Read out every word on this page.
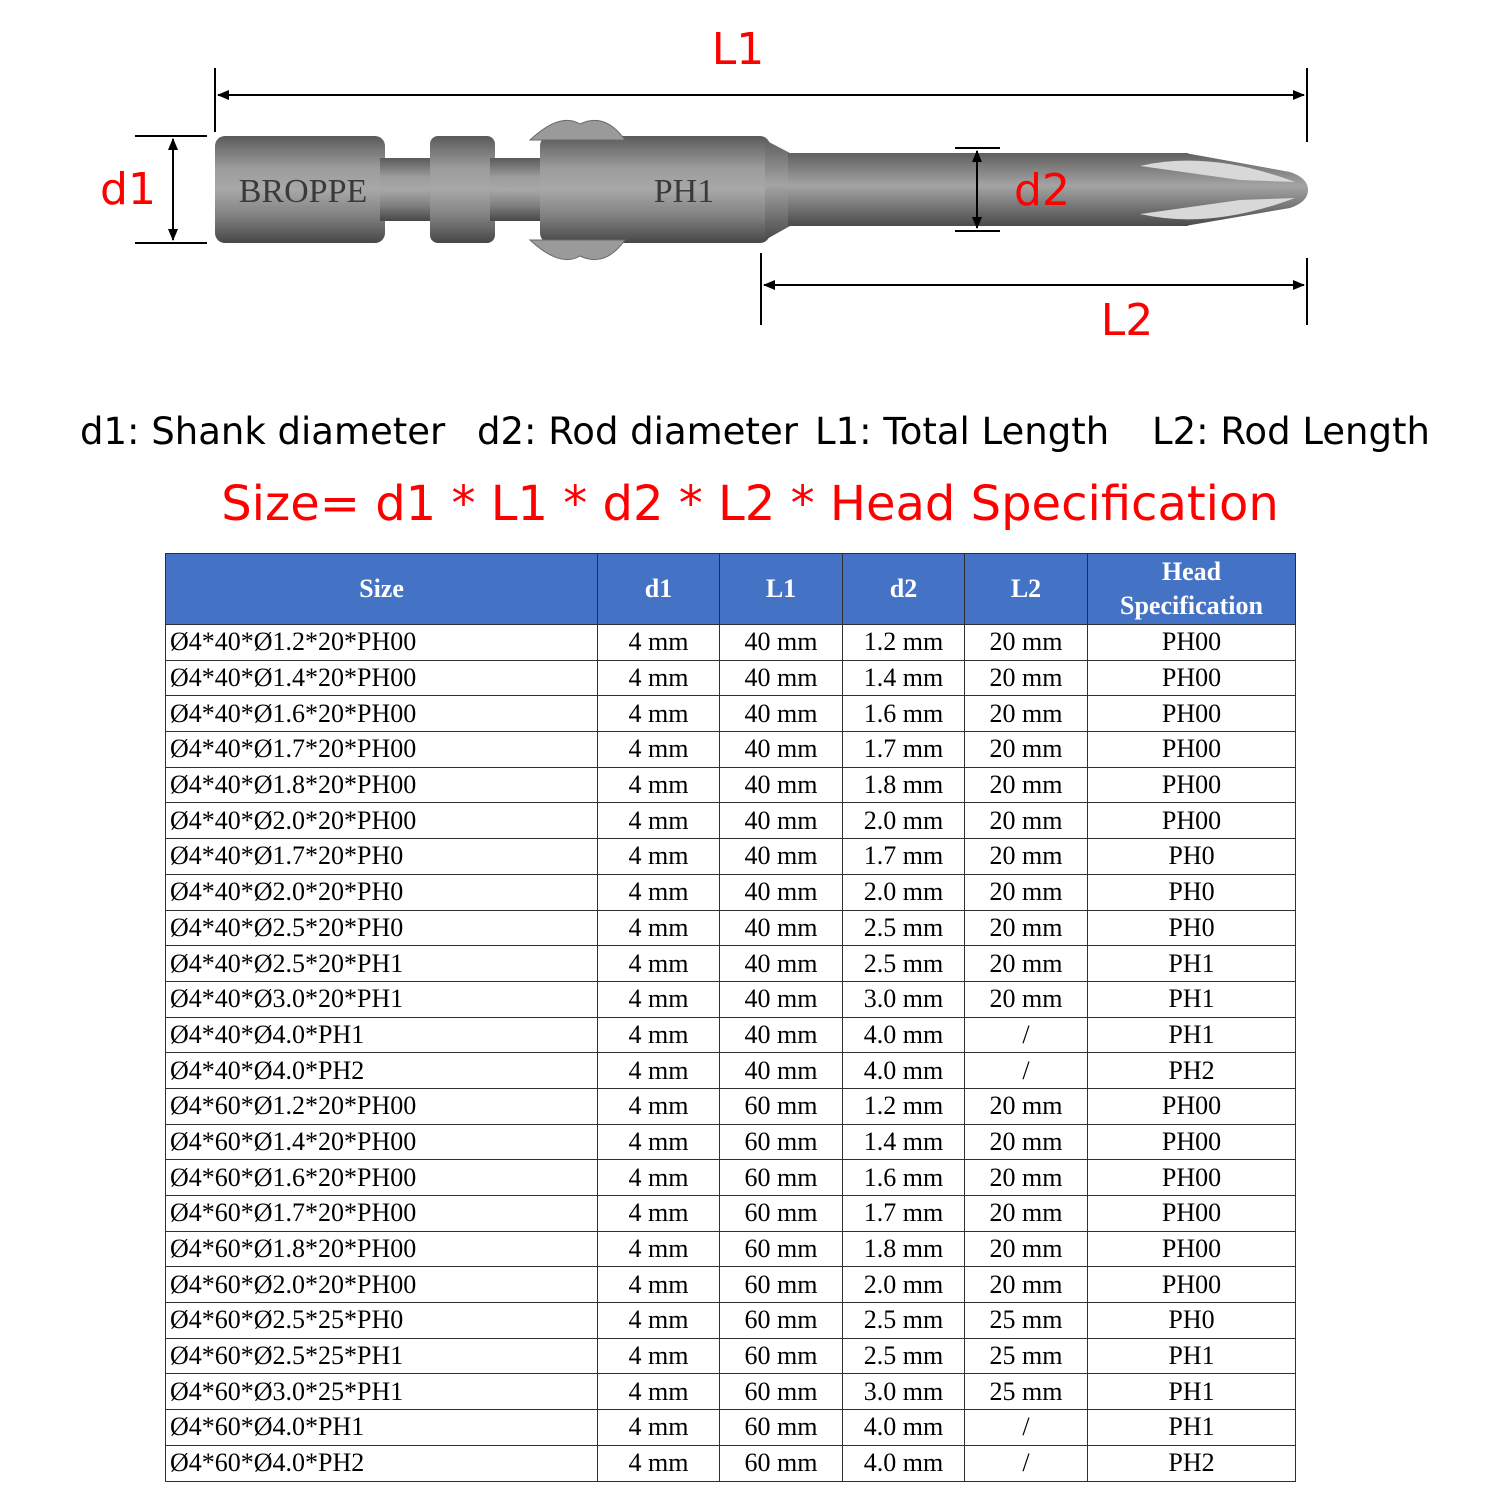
BROPPE	PH1
L1
d1	d2
L2
d1: Shank diameter d2: Rod diameter L1: Total Length L2: Rod Length
Size= d1 * L1 * d2 * L2 * Head Specification
Size	d1	L1	d2	L2	Head
Specification
Ø4*40*Ø1.2*20*PH00	4 mm	40 mm	1.2 mm	20 mm	PH00
Ø4*40*Ø1.4*20*PH00	4 mm	40 mm	1.4 mm	20 mm	PH00
Ø4*40*Ø1.6*20*PH00	4 mm	40 mm	1.6 mm	20 mm	PH00
Ø4*40*Ø1.7*20*PH00	4 mm	40 mm	1.7 mm	20 mm	PH00
Ø4*40*Ø1.8*20*PH00	4 mm	40 mm	1.8 mm	20 mm	PH00
Ø4*40*Ø2.0*20*PH00	4 mm	40 mm	2.0 mm	20 mm	PH00
Ø4*40*Ø1.7*20*PH0	4 mm	40 mm	1.7 mm	20 mm	PH0
Ø4*40*Ø2.0*20*PH0	4 mm	40 mm	2.0 mm	20 mm	PH0
Ø4*40*Ø2.5*20*PH0	4 mm	40 mm	2.5 mm	20 mm	PH0
Ø4*40*Ø2.5*20*PH1	4 mm	40 mm	2.5 mm	20 mm	PH1
Ø4*40*Ø3.0*20*PH1	4 mm	40 mm	3.0 mm	20 mm	PH1
Ø4*40*Ø4.0*PH1	4 mm	40 mm	4.0 mm	/	PH1
Ø4*40*Ø4.0*PH2	4 mm	40 mm	4.0 mm	/	PH2
Ø4*60*Ø1.2*20*PH00	4 mm	60 mm	1.2 mm	20 mm	PH00
Ø4*60*Ø1.4*20*PH00	4 mm	60 mm	1.4 mm	20 mm	PH00
Ø4*60*Ø1.6*20*PH00	4 mm	60 mm	1.6 mm	20 mm	PH00
Ø4*60*Ø1.7*20*PH00	4 mm	60 mm	1.7 mm	20 mm	PH00
Ø4*60*Ø1.8*20*PH00	4 mm	60 mm	1.8 mm	20 mm	PH00
Ø4*60*Ø2.0*20*PH00	4 mm	60 mm	2.0 mm	20 mm	PH00
Ø4*60*Ø2.5*25*PH0	4 mm	60 mm	2.5 mm	25 mm	PH0
Ø4*60*Ø2.5*25*PH1	4 mm	60 mm	2.5 mm	25 mm	PH1
Ø4*60*Ø3.0*25*PH1	4 mm	60 mm	3.0 mm	25 mm	PH1
Ø4*60*Ø4.0*PH1	4 mm	60 mm	4.0 mm	/	PH1
Ø4*60*Ø4.0*PH2	4 mm	60 mm	4.0 mm	/	PH2
